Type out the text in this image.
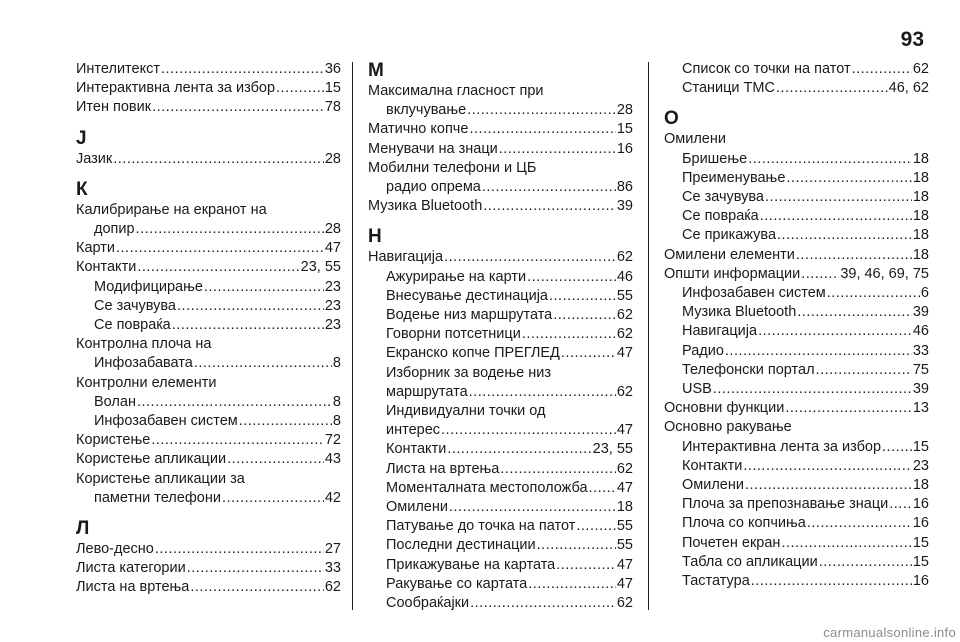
93
Интелитекст .....	36
Интерактивна лента за избор .....	15
Итен повик .....	78
J
Јазик .....	28
К
Калибрирање на екранот на
допир .....	28
Карти .....	47
Контакти .....	23, 55
Модифицирање .....	23
Се зачувува .....	23
Се повраќа .....	23
Контролна плоча на
Инфозабавата .....	8
Контролни елементи
Волан .....	8
Инфозабавен систем .....	8
Користење .....	72
Користење апликации .....	43
Користење апликации за
паметни телефони .....	42
Л
Лево-десно .....	27
Листа категории .....	33
Листа на вртења .....	62
М
Максимална гласност при
вклучување .....	28
Матично копче .....	15
Менувачи на знаци .....	16
Мобилни телефони и ЦБ
радио опрема .....	86
Музика Bluetooth .....	39
Н
Навигација .....	62
Ажурирање на карти .....	46
Внесување дестинација .....	55
Водење низ маршрутата .....	62
Говорни потсетници .....	62
Екранско копче ПРЕГЛЕД .....	47
Изборник за водење низ
маршрутата .....	62
Индивидуални точки од
интерес .....	47
Контакти .....	23, 55
Листа на вртења .....	62
Моменталната местоположба ..... 47
Омилени .....	18
Патување до точка на патот .....	55
Последни дестинации .....	55
Прикажување на картата .....	47
Ракување со картата .....	47
Сообраќајки .....	62
Список со точки на патот .....	62
Станици ТМС .....	46, 62
О
Омилени
Бришење .....	18
Преименување .....	18
Се зачувува .....	18
Се повраќа .....	18
Се прикажува .....	18
Омилени елементи .....	18
Општи информации .....	39, 46, 69, 75
Инфозабавен систем .....	6
Музика Bluetooth .....	39
Навигација .....	46
Радио .....	33
Телефонски портал .....	75
USB .....	39
Основни функции .....	13
Основно ракување
Интерактивна лента за избор ..... 15
Контакти .....	23
Омилени .....	18
Плоча за препознавање знаци ..... 16
Плоча со копчиња .....	16
Почетен екран .....	15
Табла со апликации .....	15
Тастатура .....	16
carmanualsonline.info
